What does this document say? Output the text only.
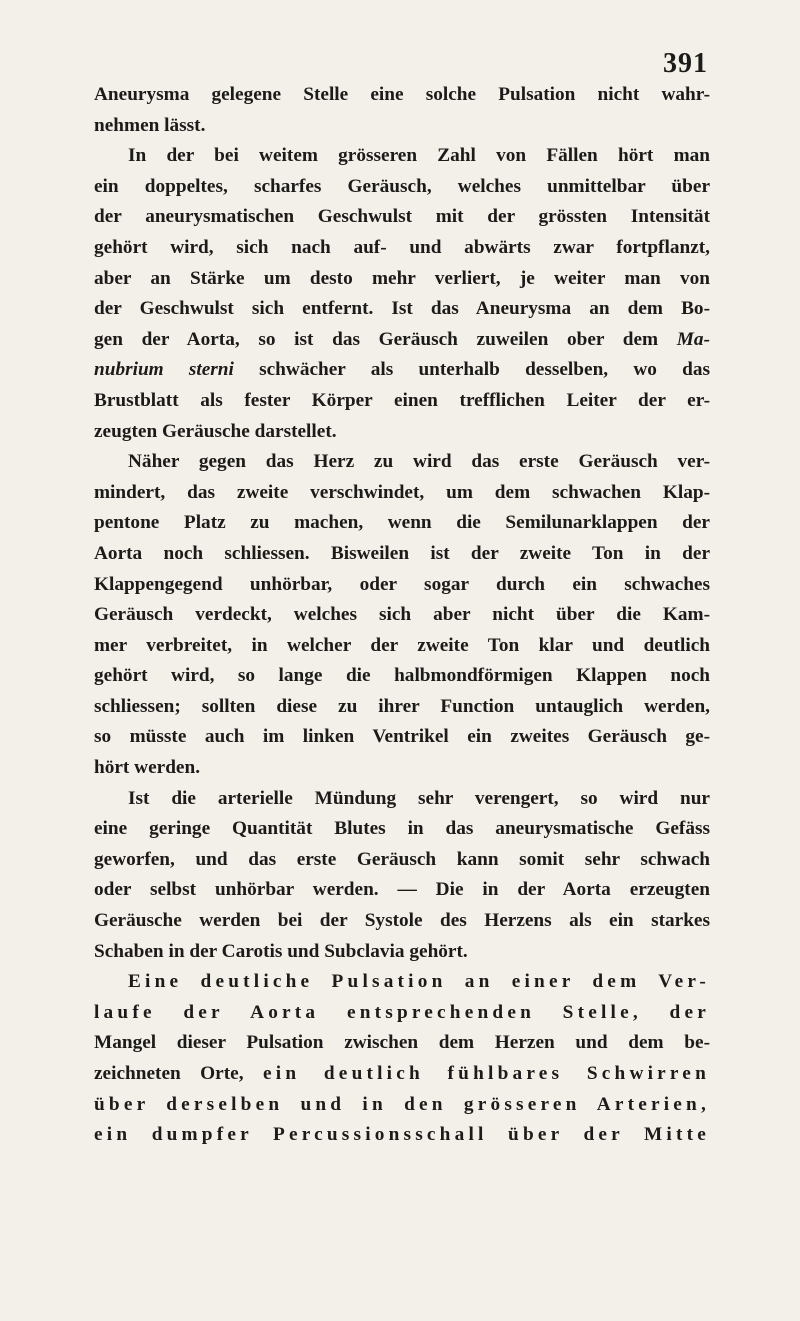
391
Aneurysma gelegene Stelle eine solche Pulsation nicht wahr-
nehmen lässt.
In der bei weitem grösseren Zahl von Fällen hört man
ein doppeltes, scharfes Geräusch, welches unmittelbar über
der aneurysmatischen Geschwulst mit der grössten Intensität
gehört wird, sich nach auf- und abwärts zwar fortpflanzt,
aber an Stärke um desto mehr verliert, je weiter man von
der Geschwulst sich entfernt. Ist das Aneurysma an dem Bo-
gen der Aorta, so ist das Geräusch zuweilen ober dem Ma-
nubrium sterni schwächer als unterhalb desselben, wo das
Brustblatt als fester Körper einen trefflichen Leiter der er-
zeugten Geräusche darstellet.
Näher gegen das Herz zu wird das erste Geräusch ver-
mindert, das zweite verschwindet, um dem schwachen Klap-
pentone Platz zu machen, wenn die Semilunarklappen der
Aorta noch schliessen. Bisweilen ist der zweite Ton in der
Klappengegend unhörbar, oder sogar durch ein schwaches
Geräusch verdeckt, welches sich aber nicht über die Kam-
mer verbreitet, in welcher der zweite Ton klar und deutlich
gehört wird, so lange die halbmondförmigen Klappen noch
schliessen; sollten diese zu ihrer Function untauglich werden,
so müsste auch im linken Ventrikel ein zweites Geräusch ge-
hört werden.
Ist die arterielle Mündung sehr verengert, so wird nur
eine geringe Quantität Blutes in das aneurysmatische Gefäss
geworfen, und das erste Geräusch kann somit sehr schwach
oder selbst unhörbar werden. — Die in der Aorta erzeugten
Geräusche werden bei der Systole des Herzens als ein starkes
Schaben in der Carotis und Subclavia gehört.
Eine deutliche Pulsation an einer dem Ver-
laufe der Aorta entsprechenden Stelle, der
Mangel dieser Pulsation zwischen dem Herzen und dem be-
zeichneten Orte, ein deutlich fühlbares Schwirren
über derselben und in den grösseren Arterien,
ein dumpfer Percussionsschall über der Mitte
